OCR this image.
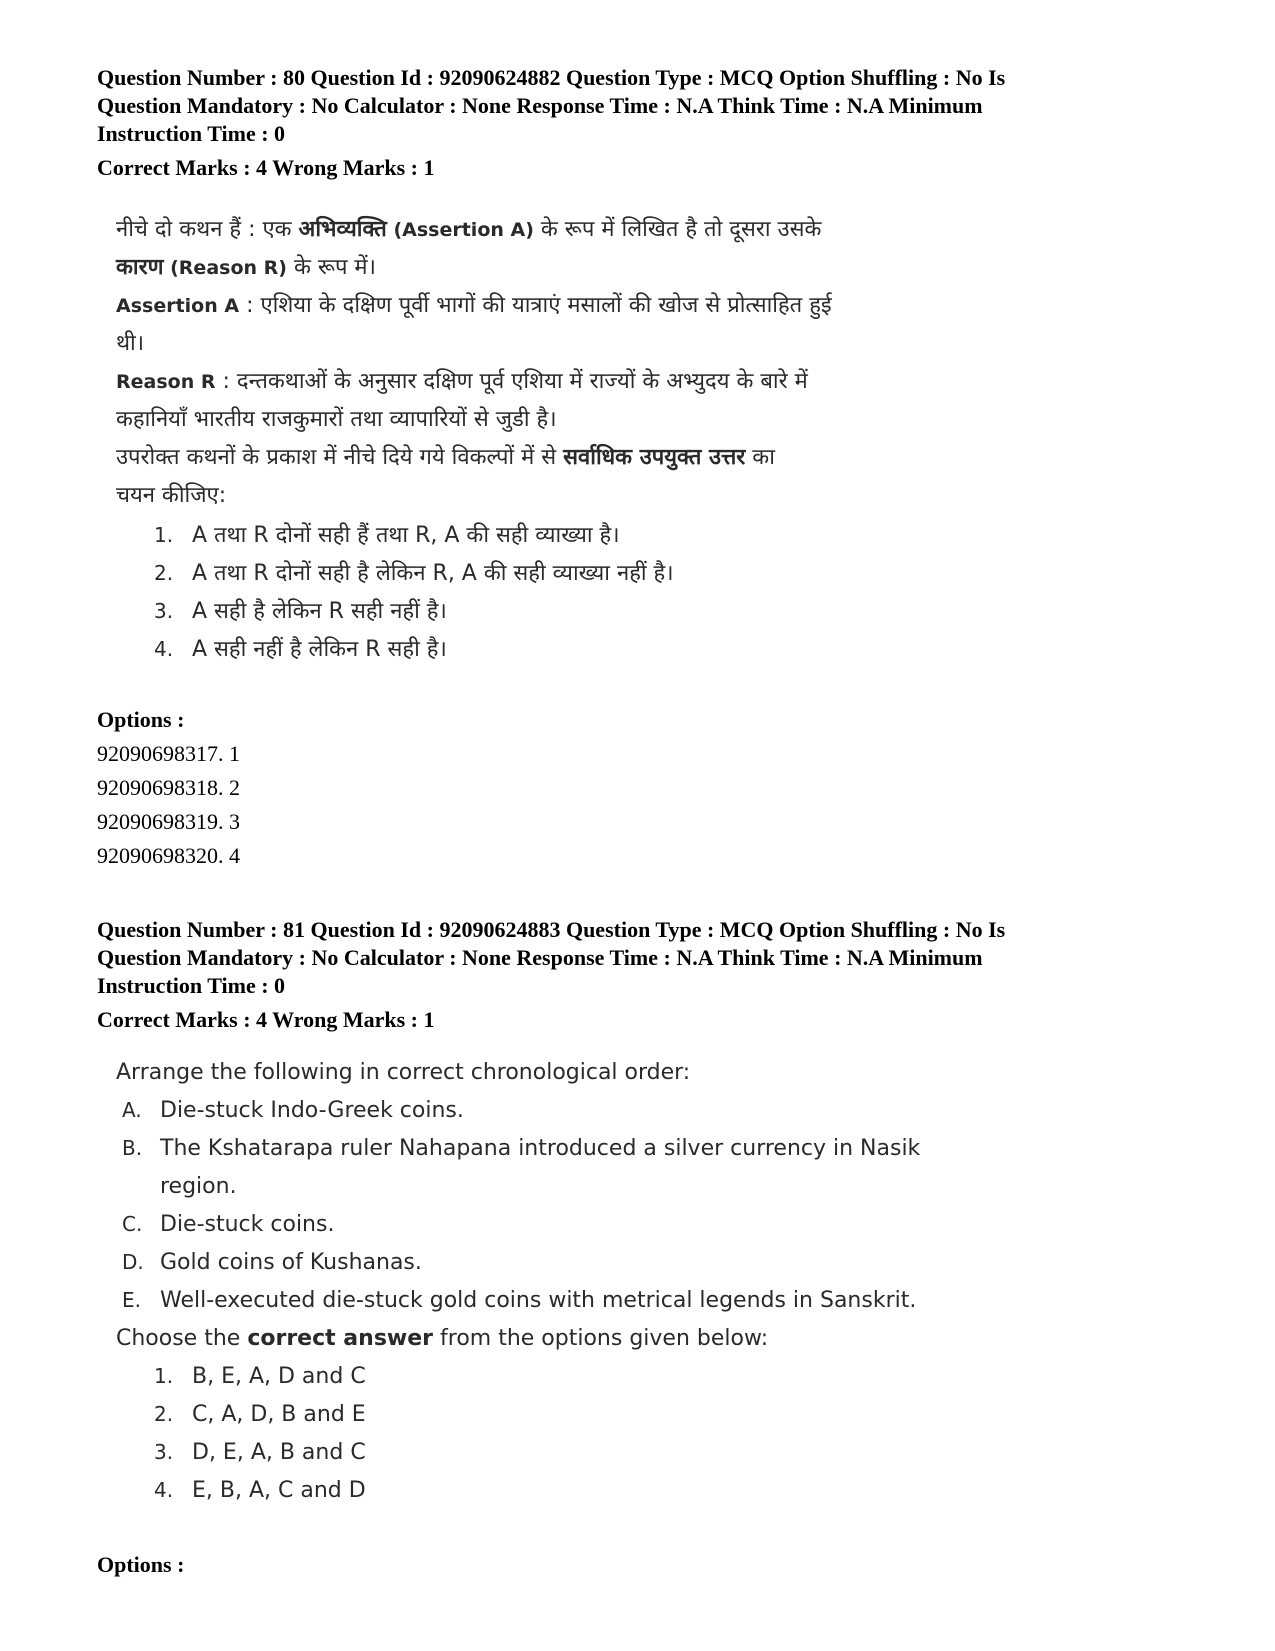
Question Number : 80 Question Id : 92090624882 Question Type : MCQ Option Shuffling : No Is
Question Mandatory : No Calculator : None Response Time : N.A Think Time : N.A Minimum
Instruction Time : 0
Correct Marks : 4 Wrong Marks : 1
नीचे दो कथन हैं : एक अभिव्यक्ति (Assertion A) के रूप में लिखित है तो दूसरा उसके
कारण (Reason R) के रूप में।
Assertion A : एशिया के दक्षिण पूर्वी भागों की यात्राएं मसालों की खोज से प्रोत्साहित हुई
थी।
Reason R : दन्तकथाओं के अनुसार दक्षिण पूर्व एशिया में राज्यों के अभ्युदय के बारे में
कहानियाँ भारतीय राजकुमारों तथा व्यापारियों से जुडी है।
उपरोक्त कथनों के प्रकाश में नीचे दिये गये विकल्पों में से सर्वाधिक उपयुक्त उत्तर का
चयन कीजिए:
1. A तथा R दोनों सही हैं तथा R, A की सही व्याख्या है।
2. A तथा R दोनों सही है लेकिन R, A की सही व्याख्या नहीं है।
3. A सही है लेकिन R सही नहीं है।
4. A सही नहीं है लेकिन R सही है।
Options :
92090698317. 1
92090698318. 2
92090698319. 3
92090698320. 4
Question Number : 81 Question Id : 92090624883 Question Type : MCQ Option Shuffling : No Is
Question Mandatory : No Calculator : None Response Time : N.A Think Time : N.A Minimum
Instruction Time : 0
Correct Marks : 4 Wrong Marks : 1
Arrange the following in correct chronological order:
A. Die-stuck Indo-Greek coins.
B. The Kshatarapa ruler Nahapana introduced a silver currency in Nasik
region.
C. Die-stuck coins.
D. Gold coins of Kushanas.
E. Well-executed die-stuck gold coins with metrical legends in Sanskrit.
Choose the correct answer from the options given below:
1. B, E, A, D and C
2. C, A, D, B and E
3. D, E, A, B and C
4. E, B, A, C and D
Options :
